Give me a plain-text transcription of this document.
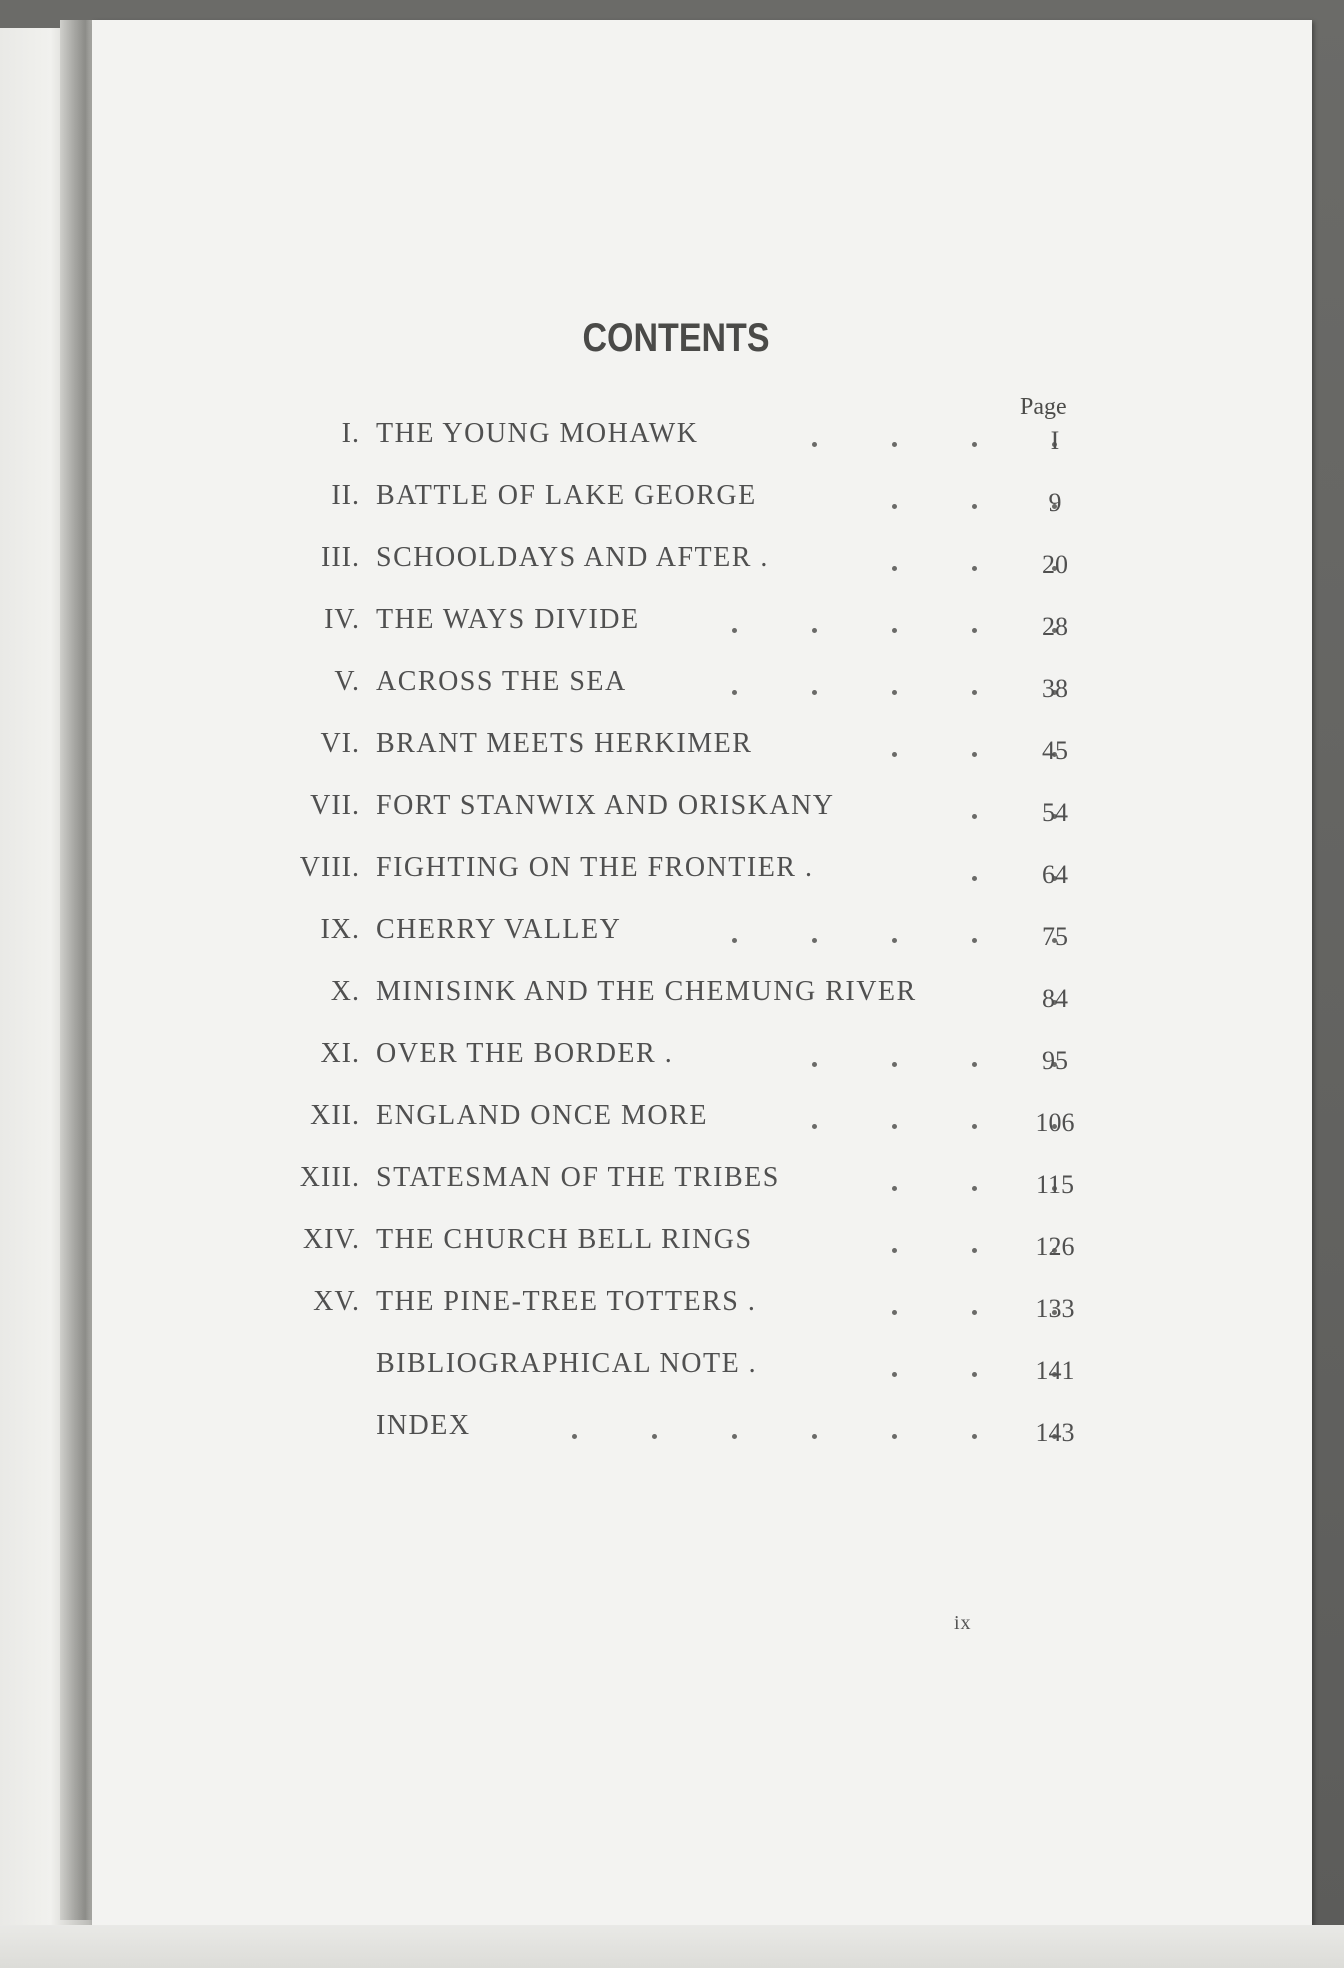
CONTENTS
Page
I. THE YOUNG MOHAWK	I
II. BATTLE OF LAKE GEORGE	9
III. SCHOOLDAYS AND AFTER .	20
IV. THE WAYS DIVIDE	28
V. ACROSS THE SEA	38
VI. BRANT MEETS HERKIMER	45
VII. FORT STANWIX AND ORISKANY	54
VIII. FIGHTING ON THE FRONTIER .	64
IX. CHERRY VALLEY	75
X. MINISINK AND THE CHEMUNG RIVER	84
XI. OVER THE BORDER .	95
XII. ENGLAND ONCE MORE	106
XIII. STATESMAN OF THE TRIBES	115
XIV. THE CHURCH BELL RINGS	126
XV. THE PINE-TREE TOTTERS .	133
BIBLIOGRAPHICAL NOTE .	141
INDEX	143
ix
